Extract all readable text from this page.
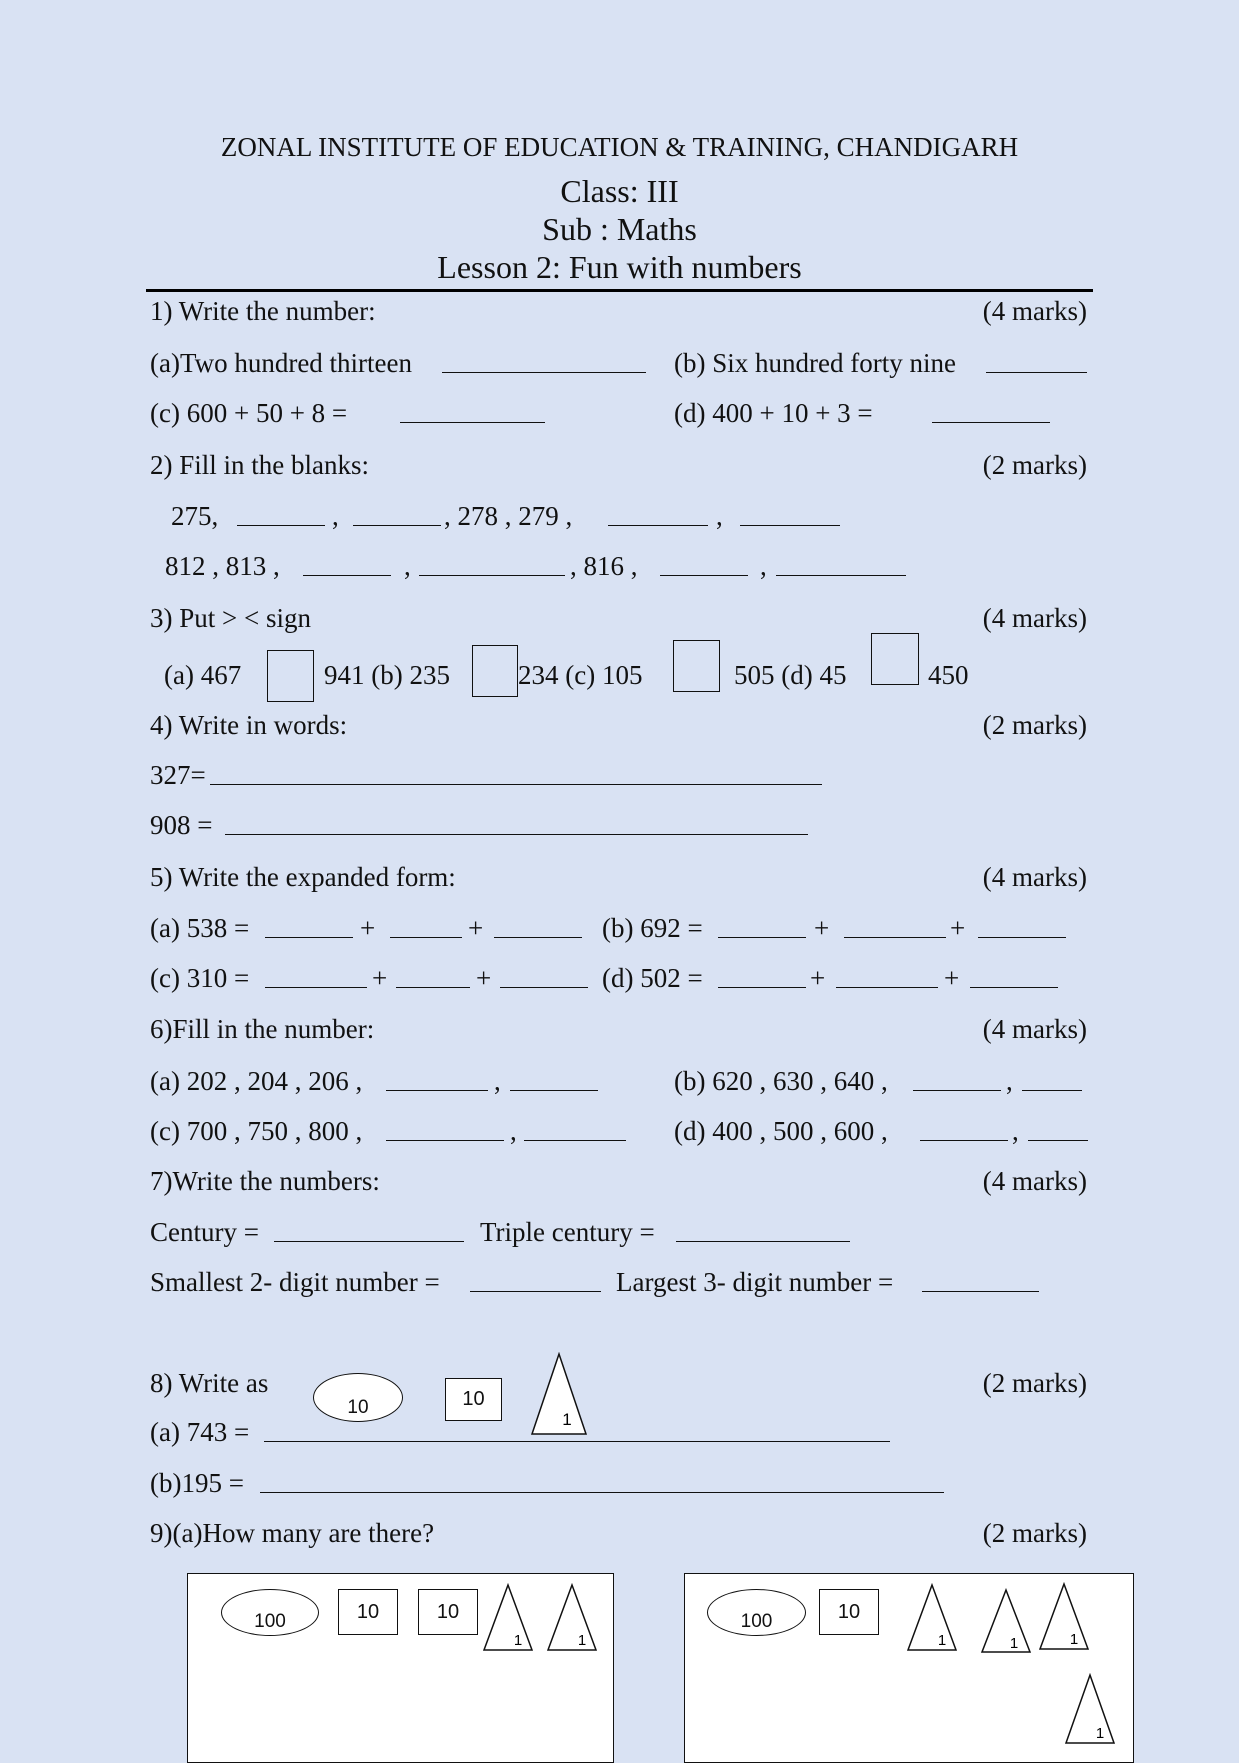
ZONAL INSTITUTE OF EDUCATION & TRAINING, CHANDIGARH
Class: III
Sub : Maths
Lesson 2: Fun with numbers
1) Write the number:	(4 marks)
(a)Two hundred thirteen	(b) Six hundred forty nine
(c) 600 + 50 + 8 =	(d) 400 + 10 + 3 =
2) Fill in the blanks:	(2 marks)
275,	,	, 278 , 279 ,	,
812 , 813 ,	,	, 816 ,	,
3) Put > < sign	(4 marks)
(a) 467	941 (b) 235	234 (c) 105	505 (d) 45	450
4) Write in words:	(2 marks)
327=
908 =
5) Write the expanded form:	(4 marks)
(a) 538 =	+	+	(b) 692 =	+	+
(c) 310 =	+	+	(d) 502 =	+	+
6)Fill in the number:	(4 marks)
(a) 202 , 204 , 206 ,	,	(b) 620 , 630 , 640 ,	,
(c) 700 , 750 , 800 ,	,	(d) 400 , 500 , 600 ,	,
7)Write the numbers:	(4 marks)
Century =	Triple century =
Smallest 2- digit number =	Largest 3- digit number =
8) Write as	(2 marks)
10	10
1
(a) 743 =
(b)195 =
9)(a)How many are there?	(2 marks)
100	10	10
1	1
100	10
1	1	1
1
